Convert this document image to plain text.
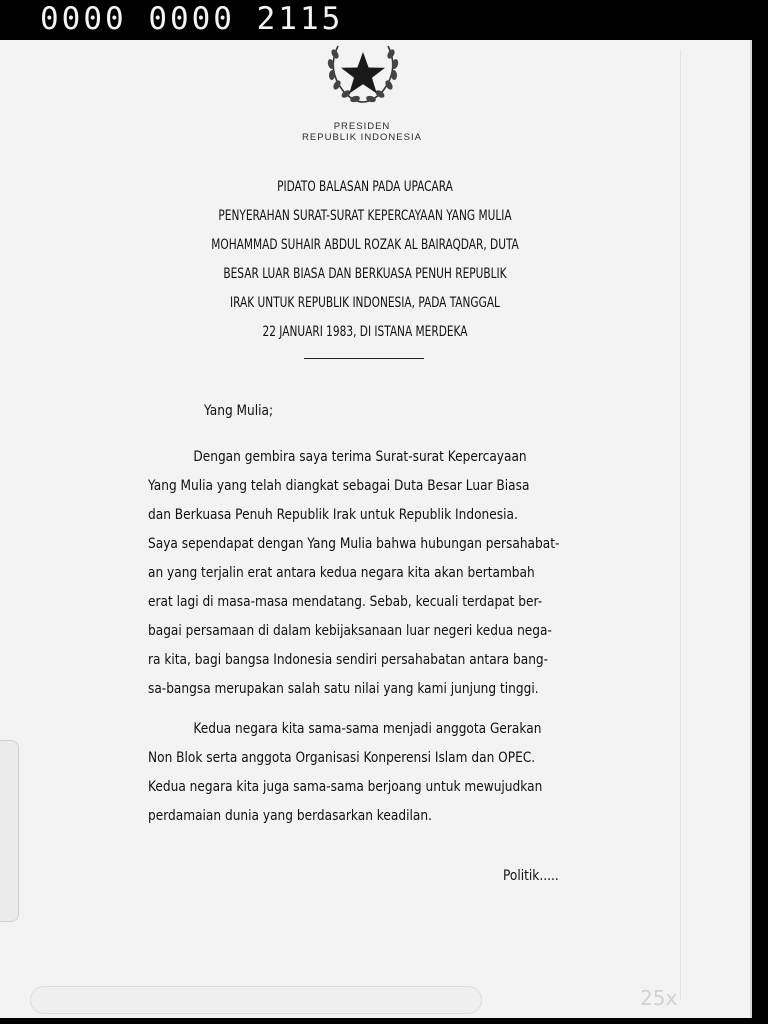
0000 0000 2115
PRESIDEN
REPUBLIK INDONESIA
PIDATO BALASAN PADA UPACARA
PENYERAHAN SURAT-SURAT KEPERCAYAAN YANG MULIA
MOHAMMAD SUHAIR ABDUL ROZAK AL BAIRAQDAR, DUTA
BESAR LUAR BIASA DAN BERKUASA PENUH REPUBLIK
IRAK UNTUK REPUBLIK INDONESIA, PADA TANGGAL
22 JANUARI 1983, DI ISTANA MERDEKA
Yang Mulia;
Dengan gembira saya terima Surat-surat Kepercayaan
Yang Mulia yang telah diangkat sebagai Duta Besar Luar Biasa
dan Berkuasa Penuh Republik Irak untuk Republik Indonesia.
Saya sependapat dengan Yang Mulia bahwa hubungan persahabat-
an yang terjalin erat antara kedua negara kita akan bertambah
erat lagi di masa-masa mendatang. Sebab, kecuali terdapat ber-
bagai persamaan di dalam kebijaksanaan luar negeri kedua nega-
ra kita, bagi bangsa Indonesia sendiri persahabatan antara bang-
sa-bangsa merupakan salah satu nilai yang kami junjung tinggi.
Kedua negara kita sama-sama menjadi anggota Gerakan
Non Blok serta anggota Organisasi Konperensi Islam dan OPEC.
Kedua negara kita juga sama-sama berjoang untuk mewujudkan
perdamaian dunia yang berdasarkan keadilan.
Politik.....
25x
